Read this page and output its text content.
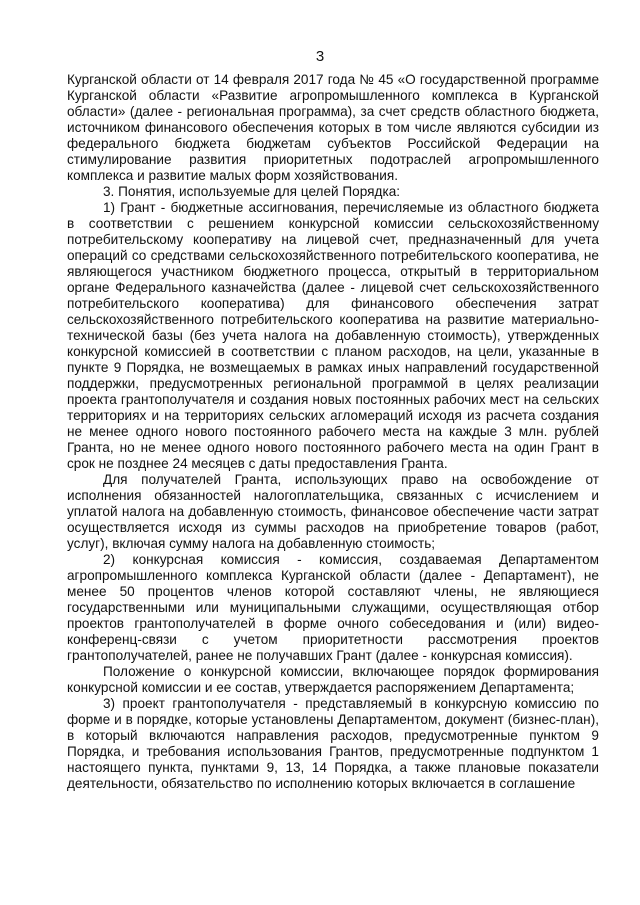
3

Курганской области от 14 февраля 2017 года № 45 «О государственной программе Курганской области «Развитие агропромышленного комплекса в Курганской области» (далее - региональная программа), за счет средств областного бюджета, источником финансового обеспечения которых в том числе являются субсидии из федерального бюджета бюджетам субъектов Российской Федерации на стимулирование развития приоритетных подотраслей агропромышленного комплекса и развитие малых форм хозяйствования.

3. Понятия, используемые для целей Порядка:

1) Грант - бюджетные ассигнования, перечисляемые из областного бюджета в соответствии с решением конкурсной комиссии сельскохозяйственному потребительскому кооперативу на лицевой счет, предназначенный для учета операций со средствами сельскохозяйственного потребительского кооператива, не являющегося участником бюджетного процесса, открытый в территориальном органе Федерального казначейства (далее - лицевой счет сельскохозяйственного потребительского кооператива) для финансового обеспечения затрат сельскохозяйственного потребительского кооператива на развитие материально-технической базы (без учета налога на добавленную стоимость), утвержденных конкурсной комиссией в соответствии с планом расходов, на цели, указанные в пункте 9 Порядка, не возмещаемых в рамках иных направлений государственной поддержки, предусмотренных региональной программой в целях реализации проекта грантополучателя и создания новых постоянных рабочих мест на сельских территориях и на территориях сельских агломераций исходя из расчета создания не менее одного нового постоянного рабочего места на каждые 3 млн. рублей Гранта, но не менее одного нового постоянного рабочего места на один Грант в срок не позднее 24 месяцев с даты предоставления Гранта.

Для получателей Гранта, использующих право на освобождение от исполнения обязанностей налогоплательщика, связанных с исчислением и уплатой налога на добавленную стоимость, финансовое обеспечение части затрат осуществляется исходя из суммы расходов на приобретение товаров (работ, услуг), включая сумму налога на добавленную стоимость;

2) конкурсная комиссия - комиссия, создаваемая Департаментом агропромышленного комплекса Курганской области (далее - Департамент), не менее 50 процентов членов которой составляют члены, не являющиеся государственными или муниципальными служащими, осуществляющая отбор проектов грантополучателей в форме очного собеседования и (или) видео-конференц-связи с учетом приоритетности рассмотрения проектов грантополучателей, ранее не получавших Грант (далее - конкурсная комиссия).

Положение о конкурсной комиссии, включающее порядок формирования конкурсной комиссии и ее состав, утверждается распоряжением Департамента;

3) проект грантополучателя - представляемый в конкурсную комиссию по форме и в порядке, которые установлены Департаментом, документ (бизнес-план), в который включаются направления расходов, предусмотренные пунктом 9 Порядка, и требования использования Грантов, предусмотренные подпунктом 1 настоящего пункта, пунктами 9, 13, 14 Порядка, а также плановые показатели деятельности, обязательство по исполнению которых включается в соглашение
